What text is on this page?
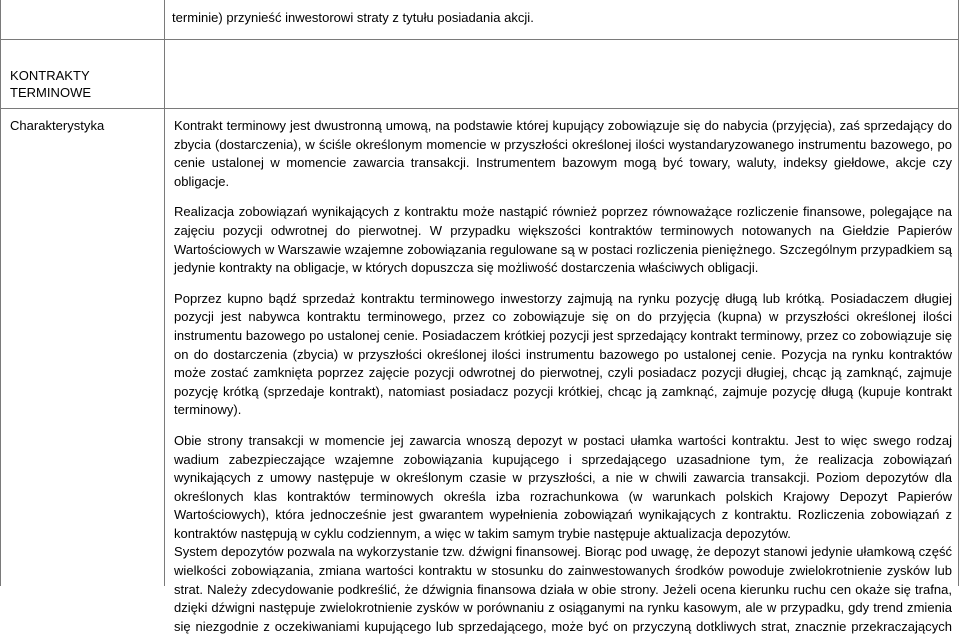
terminie) przynieść inwestorowi straty z tytułu posiadania akcji.
KONTRAKTY
TERMINOWE
Charakterystyka	Kontrakt terminowy jest dwustronną umową, na podstawie której kupujący zobowiązuje się do nabycia (przyjęcia), zaś sprzedający do
zbycia (dostarczenia), w ściśle określonym momencie w przyszłości określonej ilości wystandaryzowanego instrumentu bazowego, po
cenie ustalonej w momencie zawarcia transakcji. Instrumentem bazowym mogą być towary, waluty, indeksy giełdowe, akcje czy
obligacje.
Realizacja zobowiązań wynikających z kontraktu może nastąpić również poprzez równoważące rozliczenie finansowe, polegające na
zajęciu pozycji odwrotnej do pierwotnej. W przypadku większości kontraktów terminowych notowanych na Giełdzie Papierów
Wartościowych w Warszawie wzajemne zobowiązania regulowane są w postaci rozliczenia pieniężnego. Szczególnym przypadkiem są
jedynie kontrakty na obligacje, w których dopuszcza się możliwość dostarczenia właściwych obligacji.
Poprzez kupno bądź sprzedaż kontraktu terminowego inwestorzy zajmują na rynku pozycję długą lub krótką. Posiadaczem długiej
pozycji jest nabywca kontraktu terminowego, przez co zobowiązuje się on do przyjęcia (kupna) w przyszłości określonej ilości
instrumentu bazowego po ustalonej cenie. Posiadaczem krótkiej pozycji jest sprzedający kontrakt terminowy, przez co zobowiązuje się
on do dostarczenia (zbycia) w przyszłości określonej ilości instrumentu bazowego po ustalonej cenie. Pozycja na rynku kontraktów
może zostać zamknięta poprzez zajęcie pozycji odwrotnej do pierwotnej, czyli posiadacz pozycji długiej, chcąc ją zamknąć, zajmuje
pozycję krótką (sprzedaje kontrakt), natomiast posiadacz pozycji krótkiej, chcąc ją zamknąć, zajmuje pozycję długą (kupuje kontrakt
terminowy).
Obie strony transakcji w momencie jej zawarcia wnoszą depozyt w postaci ułamka wartości kontraktu. Jest to więc swego rodzaj
wadium zabezpieczające wzajemne zobowiązania kupującego i sprzedającego uzasadnione tym, że realizacja zobowiązań
wynikających z umowy następuje w określonym czasie w przyszłości, a nie w chwili zawarcia transakcji. Poziom depozytów dla
określonych klas kontraktów terminowych określa izba rozrachunkowa (w warunkach polskich Krajowy Depozyt Papierów
Wartościowych), która jednocześnie jest gwarantem wypełnienia zobowiązań wynikających z kontraktu. Rozliczenia zobowiązań z
kontraktów następują w cyklu codziennym, a więc w takim samym trybie następuje aktualizacja depozytów.
System depozytów pozwala na wykorzystanie tzw. dźwigni finansowej. Biorąc pod uwagę, że depozyt stanowi jedynie ułamkową część
wielkości zobowiązania, zmiana wartości kontraktu w stosunku do zainwestowanych środków powoduje zwielokrotnienie zysków lub
strat. Należy zdecydowanie podkreślić, że dźwignia finansowa działa w obie strony. Jeżeli ocena kierunku ruchu cen okaże się trafna,
dzięki dźwigni następuje zwielokrotnienie zysków w porównaniu z osiąganymi na rynku kasowym, ale w przypadku, gdy trend zmienia
się niezgodnie z oczekiwaniami kupującego lub sprzedającego, może być on przyczyną dotkliwych strat, znacznie przekraczających
